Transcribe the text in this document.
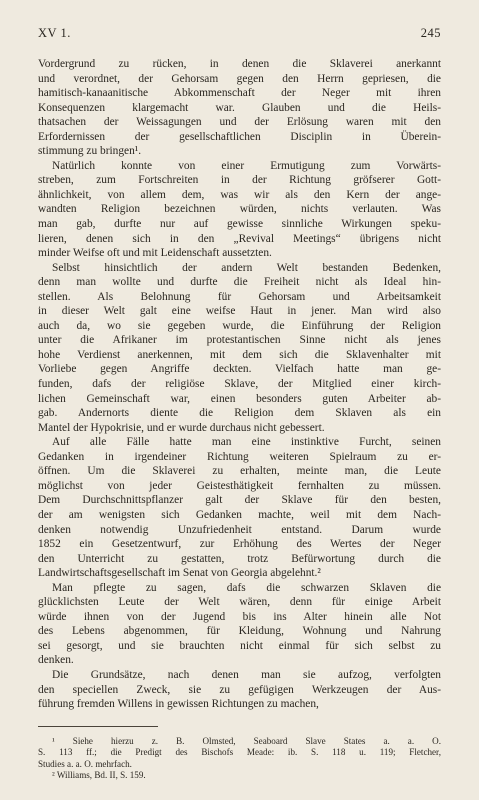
XV 1.	245
Vordergrund zu rücken, in denen die Sklaverei anerkannt
und verordnet, der Gehorsam gegen den Herrn gepriesen, die
hamitisch-kanaanitische Abkommenschaft der Neger mit ihren
Konsequenzen klargemacht war. Glauben und die Heils-
thatsachen der Weissagungen und der Erlösung waren mit den
Erfordernissen der gesellschaftlichen Disciplin in Überein-
stimmung zu bringen¹.
Natürlich konnte von einer Ermutigung zum Vorwärts-
streben, zum Fortschreiten in der Richtung gröfserer Gott-
ähnlichkeit, von allem dem, was wir als den Kern der ange-
wandten Religion bezeichnen würden, nichts verlauten. Was
man gab, durfte nur auf gewisse sinnliche Wirkungen speku-
lieren, denen sich in den „Revival Meetings“ übrigens nicht
minder Weifse oft und mit Leidenschaft aussetzten.
Selbst hinsichtlich der andern Welt bestanden Bedenken,
denn man wollte und durfte die Freiheit nicht als Ideal hin-
stellen. Als Belohnung für Gehorsam und Arbeitsamkeit
in dieser Welt galt eine weifse Haut in jener. Man wird also
auch da, wo sie gegeben wurde, die Einführung der Religion
unter die Afrikaner im protestantischen Sinne nicht als jenes
hohe Verdienst anerkennen, mit dem sich die Sklavenhalter mit
Vorliebe gegen Angriffe deckten. Vielfach hatte man ge-
funden, dafs der religiöse Sklave, der Mitglied einer kirch-
lichen Gemeinschaft war, einen besonders guten Arbeiter ab-
gab. Andernorts diente die Religion dem Sklaven als ein
Mantel der Hypokrisie, und er wurde durchaus nicht gebessert.
Auf alle Fälle hatte man eine instinktive Furcht, seinen
Gedanken in irgendeiner Richtung weiteren Spielraum zu er-
öffnen. Um die Sklaverei zu erhalten, meinte man, die Leute
möglichst von jeder Geistesthätigkeit fernhalten zu müssen.
Dem Durchschnittspflanzer galt der Sklave für den besten,
der am wenigsten sich Gedanken machte, weil mit dem Nach-
denken notwendig Unzufriedenheit entstand. Darum wurde
1852 ein Gesetzentwurf, zur Erhöhung des Wertes der Neger
den Unterricht zu gestatten, trotz Befürwortung durch die
Landwirtschaftsgesellschaft im Senat von Georgia abgelehnt.²
Man pflegte zu sagen, dafs die schwarzen Sklaven die
glücklichsten Leute der Welt wären, denn für einige Arbeit
würde ihnen von der Jugend bis ins Alter hinein alle Not
des Lebens abgenommen, für Kleidung, Wohnung und Nahrung
sei gesorgt, und sie brauchten nicht einmal für sich selbst zu
denken.
Die Grundsätze, nach denen man sie aufzog, verfolgten
den speciellen Zweck, sie zu gefügigen Werkzeugen der Aus-
führung fremden Willens in gewissen Richtungen zu machen,
¹ Siehe hierzu z. B. Olmsted, Seaboard Slave States a. a. O.
S. 113 ff.; die Predigt des Bischofs Meade: ib. S. 118 u. 119; Fletcher,
Studies a. a. O. mehrfach.
² Williams, Bd. II, S. 159.
